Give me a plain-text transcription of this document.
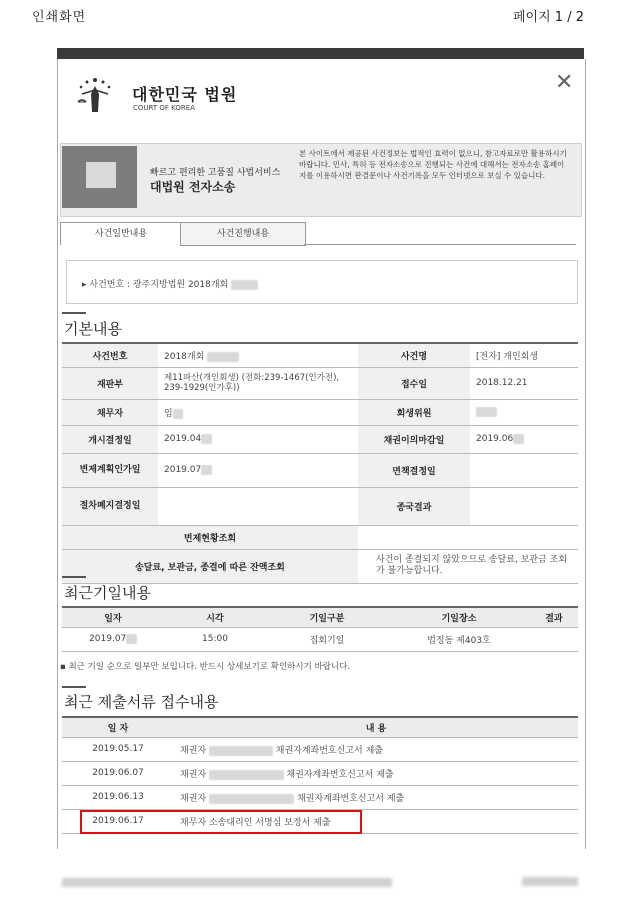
인쇄화면	페이지 1 / 2
대한민국 법원
COURT OF KOREA
✕
빠르고 편리한 고품질 사법서비스
대법원 전자소송
본 사이트에서 제공된 사건정보는 법적인 효력이 없으니, 참고자료로만 활용하시기 바랍니다. 민사, 특허 등 전자소송으로 진행되는 사건에 대해서는 전자소송 홈페이지를 이용하시면 판결문이나 사건기록을 모두 인터넷으로 보실 수 있습니다.
사건일반내용	사건진행내용
▸ 사건번호 : 광주지방법원 2018개회
기본내용
사건번호	2018개회	사건명	[전자] 개인회생
재판부	제11파산(개인회생) (전화:239-1467(인가전), 239-1929(인가후))	접수일	2018.12.21
채무자	임	회생위원	
개시결정일	2019.04	채권이의마감일	2019.06
변제계획인가일	2019.07	면책결정일	
절차폐지결정일		종국결과	
변제현황조회			
송달료, 보관금, 종결에 따른 잔액조회		사건이 종결되지 않았으므로 송달료, 보관금 조회가 불가능합니다.	
최근기일내용
일자	시각	기일구분	기일장소	결과
2019.07	15:00	집회기일	법정동 제403호	
▪ 최근 기일 순으로 일부만 보입니다. 반드시 상세보기로 확인하시기 바랍니다.
최근 제출서류 접수내용
일 자	내 용
2019.05.17	채권자 채권자계좌번호신고서 제출
2019.06.07	채권자 채권자계좌번호신고서 제출
2019.06.13	채권자 채권자계좌번호신고서 제출
2019.06.17	채무자 소송대리인 서명심 보정서 제출
